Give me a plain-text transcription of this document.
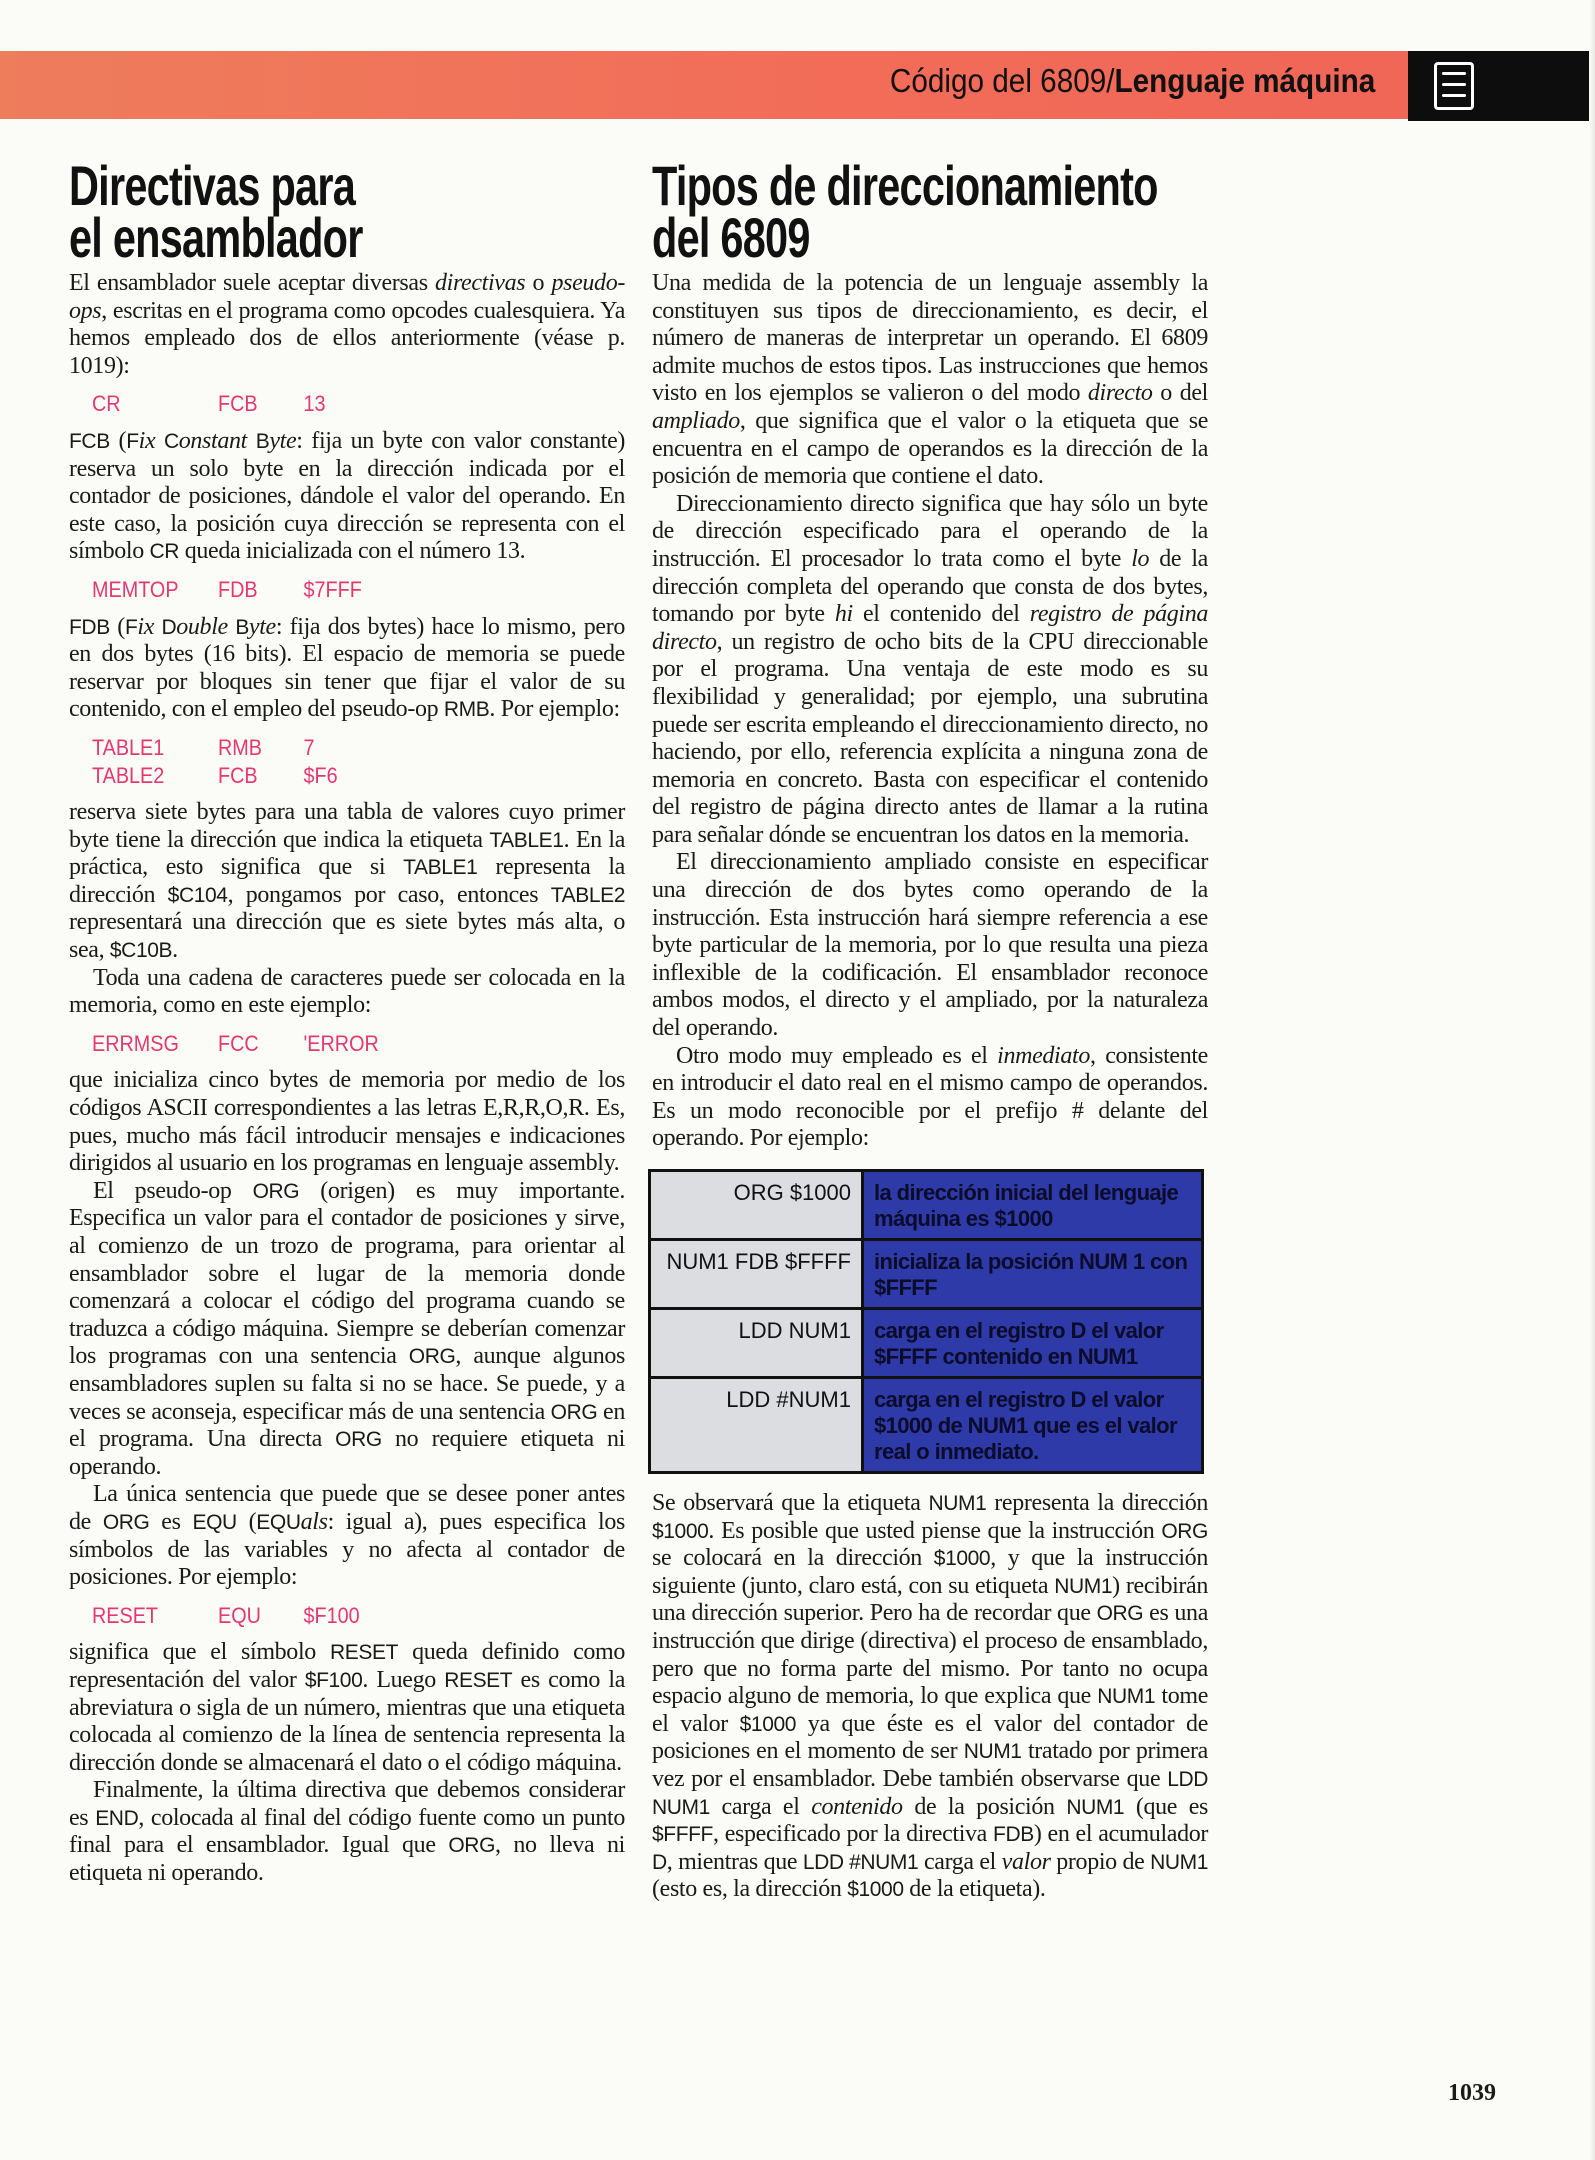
Código del 6809/Lenguaje máquina
Directivas para
el ensamblador

El ensamblador suele aceptar diversas directivas o pseudo-ops, escritas en el programa como opcodes cualesquiera. Ya hemos empleado dos de ellos anteriormente (véase p. 1019):

CR	FCB	13

FCB (Fix Constant Byte: fija un byte con valor constante) reserva un solo byte en la dirección indicada por el contador de posiciones, dándole el valor del operando. En este caso, la posición cuya dirección se representa con el símbolo CR queda inicializada con el número 13.

MEMTOP	FDB	$7FFF

FDB (Fix Double Byte: fija dos bytes) hace lo mismo, pero en dos bytes (16 bits). El espacio de memoria se puede reservar por bloques sin tener que fijar el valor de su contenido, con el empleo del pseudo-op RMB. Por ejemplo:

TABLE1	RMB	7
TABLE2	FCB	$F6

reserva siete bytes para una tabla de valores cuyo primer byte tiene la dirección que indica la etiqueta TABLE1. En la práctica, esto significa que si TABLE1 representa la dirección $C104, pongamos por caso, entonces TABLE2 representará una dirección que es siete bytes más alta, o sea, $C10B.

Toda una cadena de caracteres puede ser colocada en la memoria, como en este ejemplo:

ERRMSG	FCC	'ERROR

que inicializa cinco bytes de memoria por medio de los códigos ASCII correspondientes a las letras E,R,R,O,R. Es, pues, mucho más fácil introducir mensajes e indicaciones dirigidos al usuario en los programas en lenguaje assembly.

El pseudo-op ORG (origen) es muy importante. Especifica un valor para el contador de posiciones y sirve, al comienzo de un trozo de programa, para orientar al ensamblador sobre el lugar de la memoria donde comenzará a colocar el código del programa cuando se traduzca a código máquina. Siempre se deberían comenzar los programas con una sentencia ORG, aunque algunos ensambladores suplen su falta si no se hace. Se puede, y a veces se aconseja, especificar más de una sentencia ORG en el programa. Una directa ORG no requiere etiqueta ni operando.

La única sentencia que puede que se desee poner antes de ORG es EQU (EQUals: igual a), pues especifica los símbolos de las variables y no afecta al contador de posiciones. Por ejemplo:

RESET	EQU	$F100

significa que el símbolo RESET queda definido como representación del valor $F100. Luego RESET es como la abreviatura o sigla de un número, mientras que una etiqueta colocada al comienzo de la línea de sentencia representa la dirección donde se almacenará el dato o el código máquina.

Finalmente, la última directiva que debemos considerar es END, colocada al final del código fuente como un punto final para el ensamblador. Igual que ORG, no lleva ni etiqueta ni operando.

Tipos de direccionamiento
del 6809

Una medida de la potencia de un lenguaje assembly la constituyen sus tipos de direccionamiento, es decir, el número de maneras de interpretar un operando. El 6809 admite muchos de estos tipos. Las instrucciones que hemos visto en los ejemplos se valieron o del modo directo o del ampliado, que significa que el valor o la etiqueta que se encuentra en el campo de operandos es la dirección de la posición de memoria que contiene el dato.

Direccionamiento directo significa que hay sólo un byte de dirección especificado para el operando de la instrucción. El procesador lo trata como el byte lo de la dirección completa del operando que consta de dos bytes, tomando por byte hi el contenido del registro de página directo, un registro de ocho bits de la CPU direccionable por el programa. Una ventaja de este modo es su flexibilidad y generalidad; por ejemplo, una subrutina puede ser escrita empleando el direccionamiento directo, no haciendo, por ello, referencia explícita a ninguna zona de memoria en concreto. Basta con especificar el contenido del registro de página directo antes de llamar a la rutina para señalar dónde se encuentran los datos en la memoria.

El direccionamiento ampliado consiste en especificar una dirección de dos bytes como operando de la instrucción. Esta instrucción hará siempre referencia a ese byte particular de la memoria, por lo que resulta una pieza inflexible de la codificación. El ensamblador reconoce ambos modos, el directo y el ampliado, por la naturaleza del operando.

Otro modo muy empleado es el inmediato, consistente en introducir el dato real en el mismo campo de operandos. Es un modo reconocible por el prefijo # delante del operando. Por ejemplo:

ORG $1000	la dirección inicial del lenguaje máquina es $1000
NUM1 FDB $FFFF	inicializa la posición NUM 1 con $FFFF
LDD NUM1	carga en el registro D el valor $FFFF contenido en NUM1
LDD #NUM1	carga en el registro D el valor $1000 de NUM1 que es el valor real o inmediato.

Se observará que la etiqueta NUM1 representa la dirección $1000. Es posible que usted piense que la instrucción ORG se colocará en la dirección $1000, y que la instrucción siguiente (junto, claro está, con su etiqueta NUM1) recibirán una dirección superior. Pero ha de recordar que ORG es una instrucción que dirige (directiva) el proceso de ensamblado, pero que no forma parte del mismo. Por tanto no ocupa espacio alguno de memoria, lo que explica que NUM1 tome el valor $1000 ya que éste es el valor del contador de posiciones en el momento de ser NUM1 tratado por primera vez por el ensamblador. Debe también observarse que LDD NUM1 carga el contenido de la posición NUM1 (que es $FFFF, especificado por la directiva FDB) en el acumulador D, mientras que LDD #NUM1 carga el valor propio de NUM1 (esto es, la dirección $1000 de la etiqueta).

1039
